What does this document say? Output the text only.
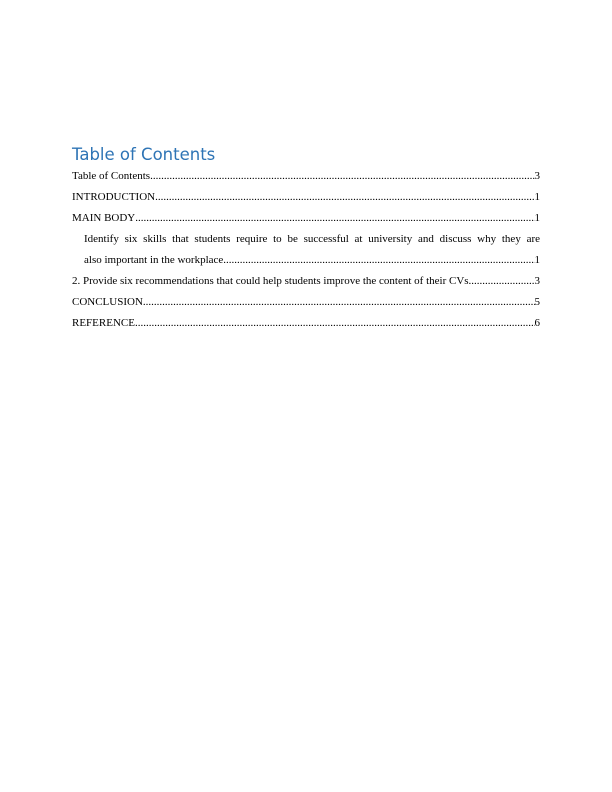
Table of Contents
Table of Contents .....	3
INTRODUCTION .....	1
MAIN BODY .....	1
Identify six skills that students require to be successful at university and discuss why they are
also important in the workplace .....	1
2. Provide six recommendations that could help students improve the content of their CVs .....	3
CONCLUSION .....	5
REFERENCE .....	6
